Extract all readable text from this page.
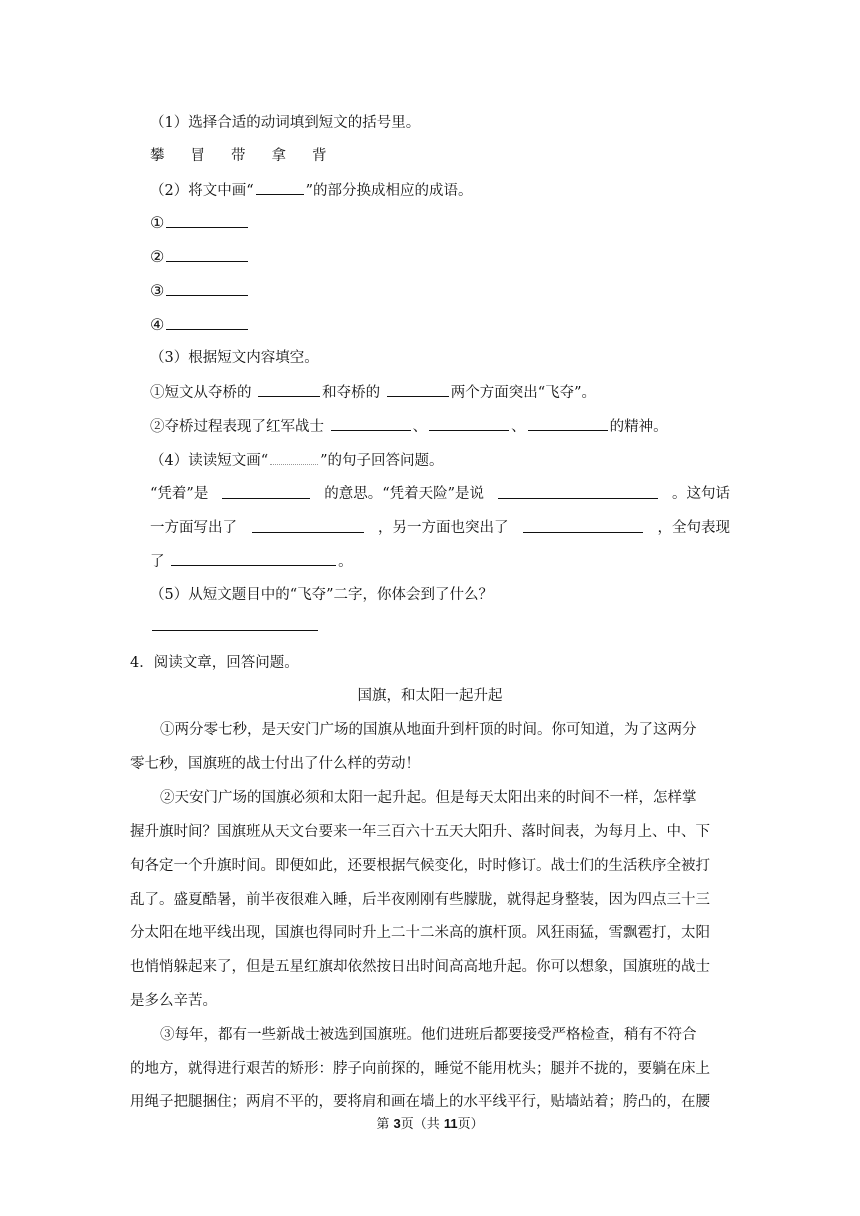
（1）选择合适的动词填到短文的括号里。
攀 冒 带 拿 背
（2）将文中画“	”的部分换成相应的成语。
①
②
③
④
（3）根据短文内容填空。
①短文从夺桥的	和夺桥的	两个方面突出“飞夺”。
②夺桥过程表现了红军战士	、	、	的精神。
（4）读读短文画“	”的句子回答问题。
“凭着”是	的意思。“凭着天险”是说	。这句话
一方面写出了	，另一方面也突出了	，全句表现
了	。
（5）从短文题目中的“飞夺”二字，你体会到了什么？
4．阅读文章，回答问题。
国旗，和太阳一起升起
①两分零七秒，是天安门广场的国旗从地面升到杆顶的时间。你可知道，为了这两分
零七秒，国旗班的战士付出了什么样的劳动！
②天安门广场的国旗必须和太阳一起升起。但是每天太阳出来的时间不一样，怎样掌
握升旗时间？国旗班从天文台要来一年三百六十五天大阳升、落时间表，为每月上、中、下
旬各定一个升旗时间。即便如此，还要根据气候变化，时时修订。战士们的生活秩序全被打
乱了。盛夏酷暑，前半夜很难入睡，后半夜刚刚有些朦胧，就得起身整装，因为四点三十三
分太阳在地平线出现，国旗也得同时升上二十二米高的旗杆顶。风狂雨猛，雪飘雹打，太阳
也悄悄躲起来了，但是五星红旗却依然按日出时间高高地升起。你可以想象，国旗班的战士
是多么辛苦。
③每年，都有一些新战士被选到国旗班。他们进班后都要接受严格检查，稍有不符合
的地方，就得进行艰苦的矫形：脖子向前探的，睡觉不能用枕头；腿并不拢的，要躺在床上
用绳子把腿捆住；两肩不平的，要将肩和画在墙上的水平线平行，贴墙站着；胯凸的，在腰
第 3页（共 11页）
